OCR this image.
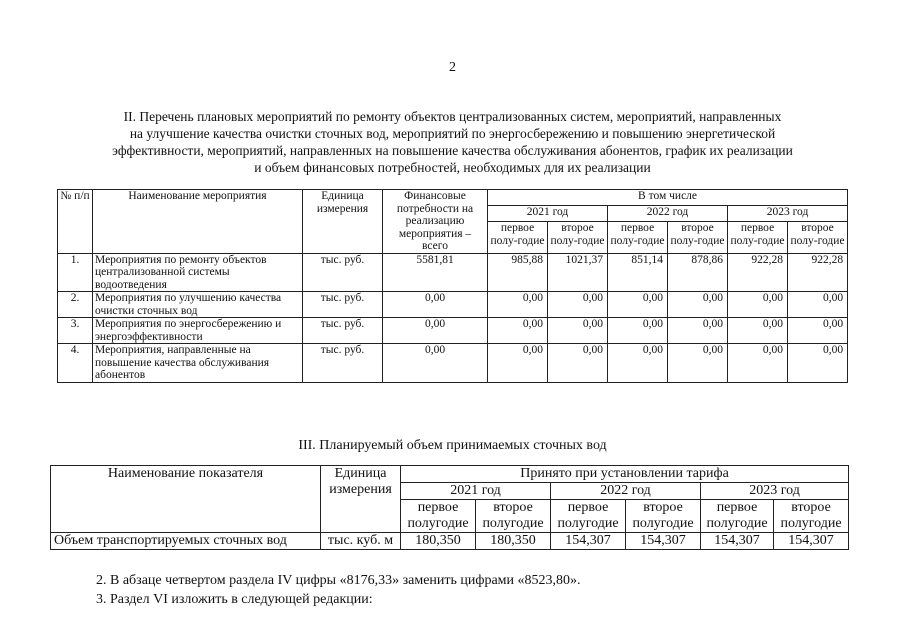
2
II. Перечень плановых мероприятий по ремонту объектов централизованных систем, мероприятий, направленных
на улучшение качества очистки сточных вод, мероприятий по энергосбережению и повышению энергетической
эффективности, мероприятий, направленных на повышение качества обслуживания абонентов, график их реализации
и объем финансовых потребностей, необходимых для их реализации
№ п/п	Наименование мероприятия	Единица измерения	Финансовые потребности на реализацию мероприятия – всего	В том числе					
				2021 год		2022 год		2023 год	
				первое полу-годие	второе полу-годие	первое полу-годие	второе полу-годие	первое полу-годие	второе полу-годие
1.	Мероприятия по ремонту объектов централизованной системы водоотведения	тыс. руб.	5581,81	985,88	1021,37	851,14	878,86	922,28	922,28
2.	Мероприятия по улучшению качества очистки сточных вод	тыс. руб.	0,00	0,00	0,00	0,00	0,00	0,00	0,00
3.	Мероприятия по энергосбережению и энергоэффективности	тыс. руб.	0,00	0,00	0,00	0,00	0,00	0,00	0,00
4.	Мероприятия, направленные на повышение качества обслуживания абонентов	тыс. руб.	0,00	0,00	0,00	0,00	0,00	0,00	0,00
III. Планируемый объем принимаемых сточных вод
Наименование показателя	Единица измерения	Принято при установлении тарифа					
		2021 год		2022 год		2023 год	
		первое полугодие	второе полугодие	первое полугодие	второе полугодие	первое полугодие	второе полугодие
Объем транспортируемых сточных вод	тыс. куб. м	180,350	180,350	154,307	154,307	154,307	154,307
2. В абзаце четвертом раздела IV цифры «8176,33» заменить цифрами «8523,80».
3. Раздел VI изложить в следующей редакции:
